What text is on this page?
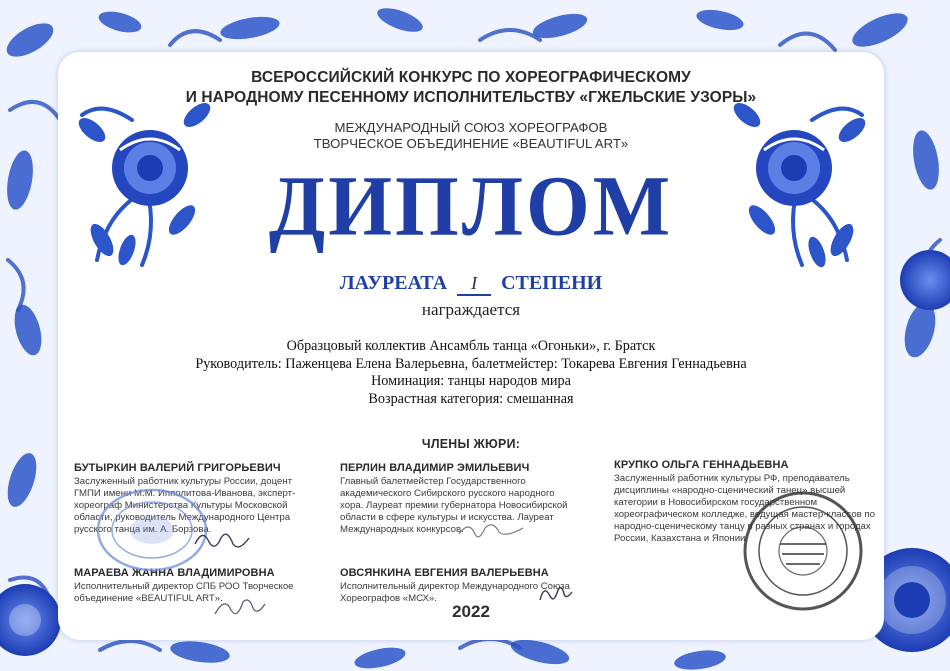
ВСЕРОССИЙСКИЙ КОНКУРС ПО ХОРЕОГРАФИЧЕСКОМУ
И НАРОДНОМУ ПЕСЕННОМУ ИСПОЛНИТЕЛЬСТВУ «ГЖЕЛЬСКИЕ УЗОРЫ»
МЕЖДУНАРОДНЫЙ СОЮЗ ХОРЕОГРАФОВ
ТВОРЧЕСКОЕ ОБЪЕДИНЕНИЕ «BEAUTIFUL ART»
ДИПЛОМ
ЛАУРЕАТА	I	СТЕПЕНИ
награждается
Образцовый коллектив Ансамбль танца «Огоньки», г. Братск
Руководитель: Паженцева Елена Валерьевна, балетмейстер: Токарева Евгения Геннадьевна
Номинация: танцы народов мира
Возрастная категория: смешанная
ЧЛЕНЫ ЖЮРИ:
БУТЫРКИН ВАЛЕРИЙ ГРИГОРЬЕВИЧ
Заслуженный работник культуры России, доцент ГМПИ имени М.М. Ипполитова-Иванова, эксперт-хореограф Министерства Культуры Московской области, руководитель Международного Центра русского танца им. А. Борзова.
ПЕРЛИН ВЛАДИМИР ЭМИЛЬЕВИЧ
Главный балетмейстер Государственного академического Сибирского русского народного хора. Лауреат премии губернатора Новосибирской области в сфере культуры и искусства. Лауреат Международных конкурсов.
КРУПКО ОЛЬГА ГЕННАДЬЕВНА
Заслуженный работник культуры РФ, преподаватель дисциплины «народно-сценический танец» высшей категории в Новосибирском государственном хореографическом колледже, ведущая мастер-классов по народно-сценическому танцу в разных странах и городах России, Казахстана и Японии.
МАРАЕВА ЖАННА ВЛАДИМИРОВНА
Исполнительный директор СПБ РОО Творческое объединение «BEAUTIFUL ART».
ОВСЯНКИНА ЕВГЕНИЯ ВАЛЕРЬЕВНА
Исполнительный директор Международного Союза Хореографов «МСХ».
2022
